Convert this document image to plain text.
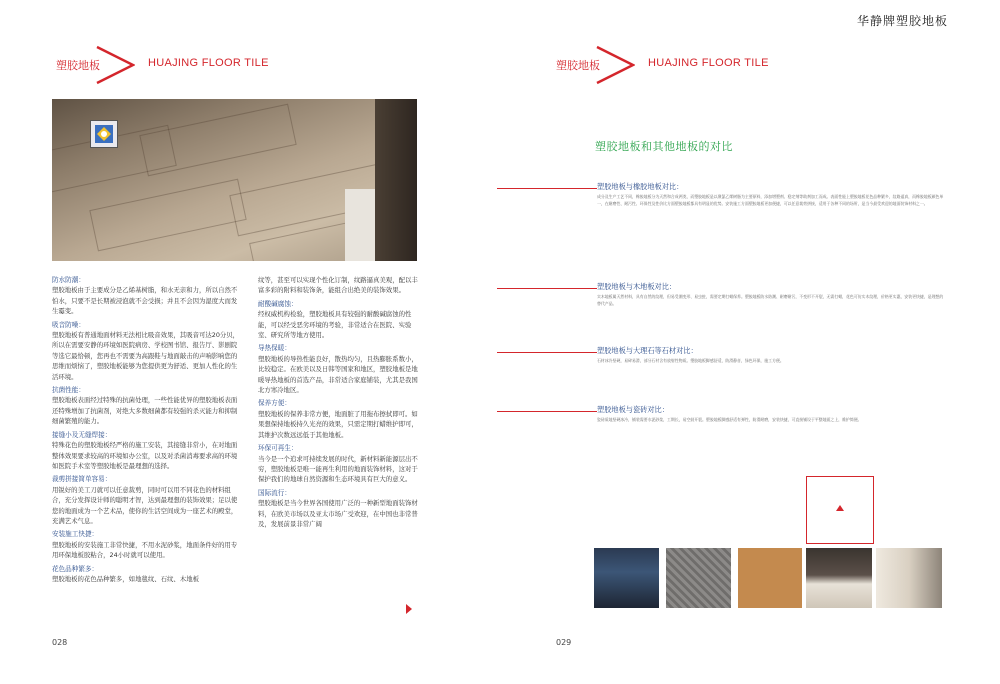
华静牌塑胶地板
塑胶地板	HUAJING FLOOR TILE
防水防潮：

塑胶地板由于主要成分是乙烯基树脂，和水无亲和力，所以自然不怕水，只要不是长期被浸泡就不会受损；并且不会因为湿度大而发生霉变。

吸音防噪：

塑胶地板有普通地面材料无法相比吸音效果，其吸音可达20分贝，所以在需要安静的环境如医院病房、学校图书馆、报告厅、影剧院等选它最恰顿，您再也不需要为高跟鞋与地面敲击的声响影响您的思维而烦恼了，塑胶地板能够为您提供更为舒适、更加人性化的生活环境。

抗菌性能：

塑胶地板表面经过特殊的抗菌处理，一些性能优异的塑胶地板表面还特殊增加了抗菌剂，对绝大多数细菌都有较强的杀灭能力和抑制细菌繁殖的能力。

接缝小及无缝焊接：

特殊花色的塑胶地板经严格的施工安装，其接缝非常小，在对地面整体效果要求较高的环境如办公室，以及对杀菌消毒要求高的环境如医院手术室等塑胶地板是最理想的选择。

裁剪拼接简单容易：

用锐好的美工刀就可以任意裁剪，同时可以用不同花色的材料组合，充分发挥设计师的聪明才智，达到最理想的装饰效果；足以使您的地面成为一个艺术品，使你的生活空间成为一座艺术的殿堂，充满艺术气息。

安装施工快捷：

塑胶地板的安装施工非常快捷，不用水泥砂浆，地面条件好的用专用环保地板胶粘合，24小时就可以使用。

花色品种繁多：

塑胶地板的花色品种繁多，如地毯纹、石纹、木地板

纹等，甚至可以实现个性化订制，纹路逼真美观，配以丰富多彩的附料和装饰条，能组合出绝美的装饰效果。

耐酸碱腐蚀：

经权威机构检验，塑胶地板具有较强的耐酸碱腐蚀的性能，可以经受恶劣环境的考验，非常适合在医院、实验室、研究所等地方使用。

导热保暖：

塑胶地板的导热性能良好，散热均匀，且热膨胀系数小，比较稳定。在欧美以及日韩等国家和地区，塑胶地板是地暖导热地板的首选产品，非常适合家庭铺装，尤其是我国北方寒冷地区。

保养方便：

塑胶地板的保养非常方便，地面脏了用拖布擦拭即可。如果想保持地板持久光亮的效果，只需定期打蜡维护即可，其维护次数远远低于其他地板。

环保可再生：

当今是一个追求可持续发展的时代，新材料新能源层出不穷，塑胶地板是唯一能再生利用的地面装饰材料，这对于保护我们的地球自然资源和生态环境具有巨大的意义。

国际流行：

塑胶地板是当今世界各国使用广泛的一种新型地面装饰材料，在欧美市场以及亚太市场广受欢迎，在中国也非常普及，发展前景非常广阔

028
塑胶地板	HUAJING FLOOR TILE
塑胶地板和其他地板的对比
塑胶地板与橡胶地板对比：
成分及生产工艺不同，橡胶地板分为天然和合成两类，而塑胶地板是以聚氯乙烯树脂为主要原料，添加增塑剂、稳定剂等助剂加工而成。表面性能上塑胶地板花色品种繁多，纹路逼真，而橡胶地板颜色单一，在耐磨性、耐污性、环保性及性价比方面塑胶地板都具有明显的优势。安装施工方面塑胶地板更加便捷，可以任意裁剪拼接，适用于各种不同的场所，是当今最受欢迎的地面装饰材料之一。
塑胶地板与木地板对比：
实木地板属天然材料，具有自然的纹理，但易受潮变形、易虫蛀，需要定期打蜡保养。塑胶地板防水防潮、耐磨耐污，不变形不开裂，无需打蜡，花色可仿实木纹理，价格更实惠，安装更快捷，是理想的替代产品。
塑胶地板与大理石等石材对比：
石材冰冷坚硬，易碎易滑，部分石材含有放射性物质。塑胶地板脚感舒适，防滑静音，绿色环保，施工方便。
塑胶地板与瓷砖对比：
瓷砖质地坚硬冰冷，铺装需要水泥砂浆，工期长，易空鼓开裂。塑胶地板脚感舒适有弹性，防滑耐磨，安装快捷，可直接铺设于平整地面之上，维护简便。
029
